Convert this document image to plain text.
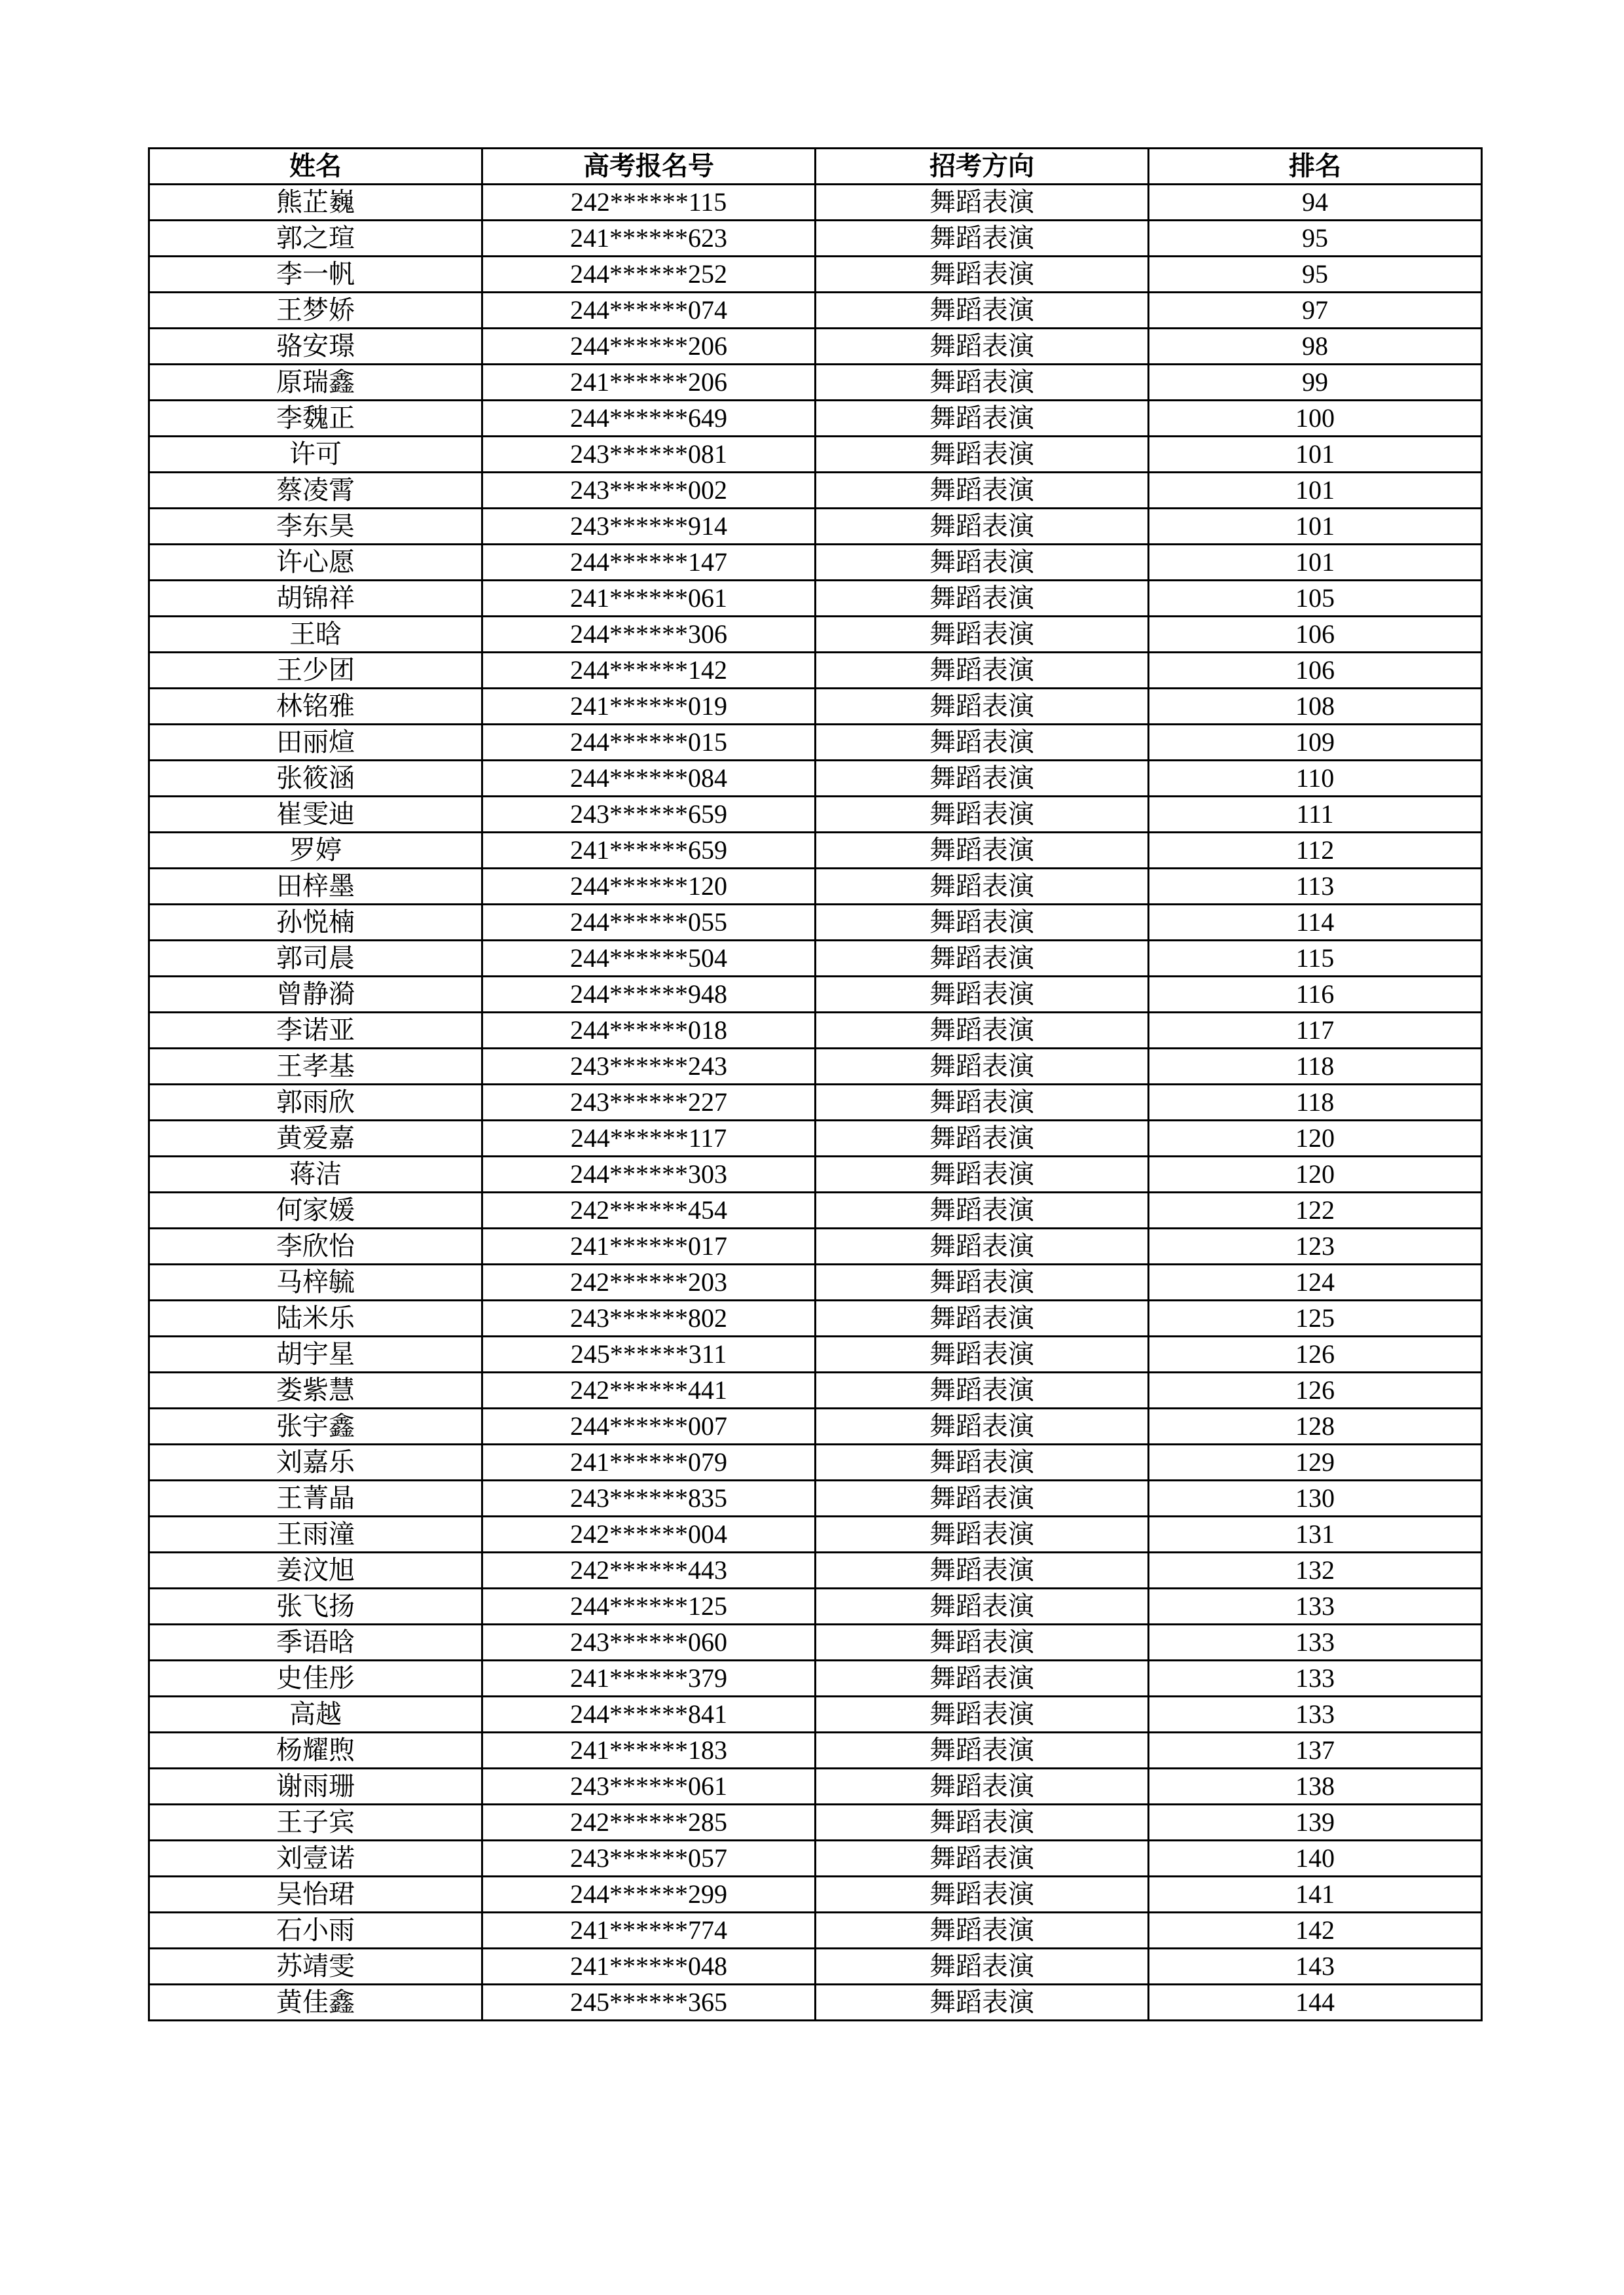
姓名	高考报名号	招考方向	排名
熊芷巍	242******115	舞蹈表演	94
郭之瑄	241******623	舞蹈表演	95
李一帆	244******252	舞蹈表演	95
王梦娇	244******074	舞蹈表演	97
骆安璟	244******206	舞蹈表演	98
原瑞鑫	241******206	舞蹈表演	99
李魏正	244******649	舞蹈表演	100
许可	243******081	舞蹈表演	101
蔡凌霄	243******002	舞蹈表演	101
李东昊	243******914	舞蹈表演	101
许心愿	244******147	舞蹈表演	101
胡锦祥	241******061	舞蹈表演	105
王晗	244******306	舞蹈表演	106
王少团	244******142	舞蹈表演	106
林铭雅	241******019	舞蹈表演	108
田丽煊	244******015	舞蹈表演	109
张筱涵	244******084	舞蹈表演	110
崔雯迪	243******659	舞蹈表演	111
罗婷	241******659	舞蹈表演	112
田梓墨	244******120	舞蹈表演	113
孙悦楠	244******055	舞蹈表演	114
郭司晨	244******504	舞蹈表演	115
曾静漪	244******948	舞蹈表演	116
李诺亚	244******018	舞蹈表演	117
王孝基	243******243	舞蹈表演	118
郭雨欣	243******227	舞蹈表演	118
黄爱嘉	244******117	舞蹈表演	120
蒋洁	244******303	舞蹈表演	120
何家媛	242******454	舞蹈表演	122
李欣怡	241******017	舞蹈表演	123
马梓毓	242******203	舞蹈表演	124
陆米乐	243******802	舞蹈表演	125
胡宇星	245******311	舞蹈表演	126
娄紫慧	242******441	舞蹈表演	126
张宇鑫	244******007	舞蹈表演	128
刘嘉乐	241******079	舞蹈表演	129
王菁晶	243******835	舞蹈表演	130
王雨潼	242******004	舞蹈表演	131
姜汶旭	242******443	舞蹈表演	132
张飞扬	244******125	舞蹈表演	133
季语晗	243******060	舞蹈表演	133
史佳彤	241******379	舞蹈表演	133
高越	244******841	舞蹈表演	133
杨耀煦	241******183	舞蹈表演	137
谢雨珊	243******061	舞蹈表演	138
王子宾	242******285	舞蹈表演	139
刘壹诺	243******057	舞蹈表演	140
吴怡珺	244******299	舞蹈表演	141
石小雨	241******774	舞蹈表演	142
苏靖雯	241******048	舞蹈表演	143
黄佳鑫	245******365	舞蹈表演	144
